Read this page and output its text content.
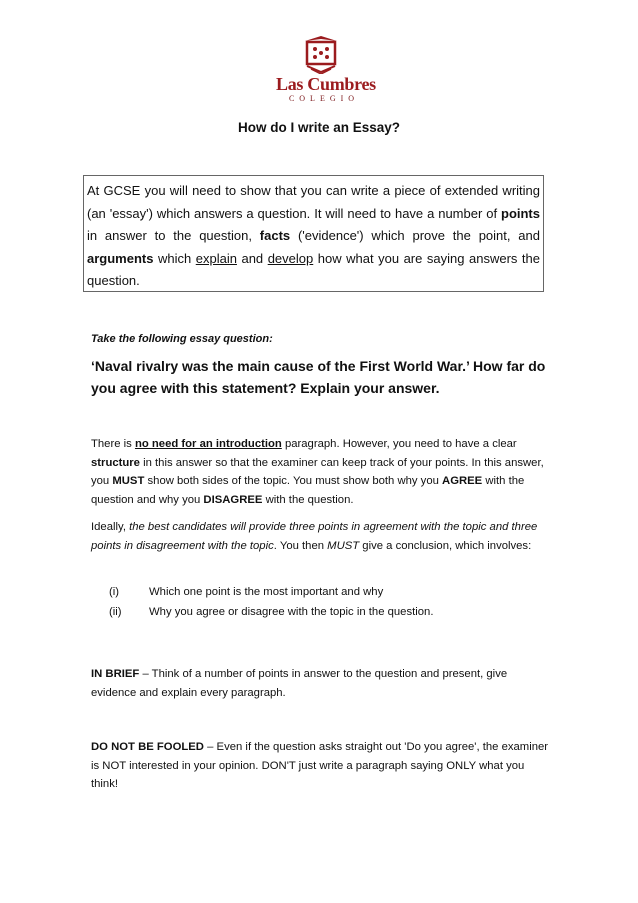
Las Cumbres
COLEGIO
How do I write an Essay?
At GCSE you will need to show that you can write a piece of extended writing (an 'essay') which answers a question. It will need to have a number of points in answer to the question, facts ('evidence') which prove the point, and arguments which explain and develop how what you are saying answers the question.
Take the following essay question:
‘Naval rivalry was the main cause of the First World War.’ How far do you agree with this statement? Explain your answer.
There is no need for an introduction paragraph. However, you need to have a clear structure in this answer so that the examiner can keep track of your points. In this answer, you MUST show both sides of the topic. You must show both why you AGREE with the question and why you DISAGREE with the question.
Ideally, the best candidates will provide three points in agreement with the topic and three points in disagreement with the topic. You then MUST give a conclusion, which involves:
(i)	Which one point is the most important and why
(ii) Why you agree or disagree with the topic in the question.
IN BRIEF – Think of a number of points in answer to the question and present, give evidence and explain every paragraph.
DO NOT BE FOOLED – Even if the question asks straight out 'Do you agree', the examiner is NOT interested in your opinion. DON'T just write a paragraph saying ONLY what you think!
